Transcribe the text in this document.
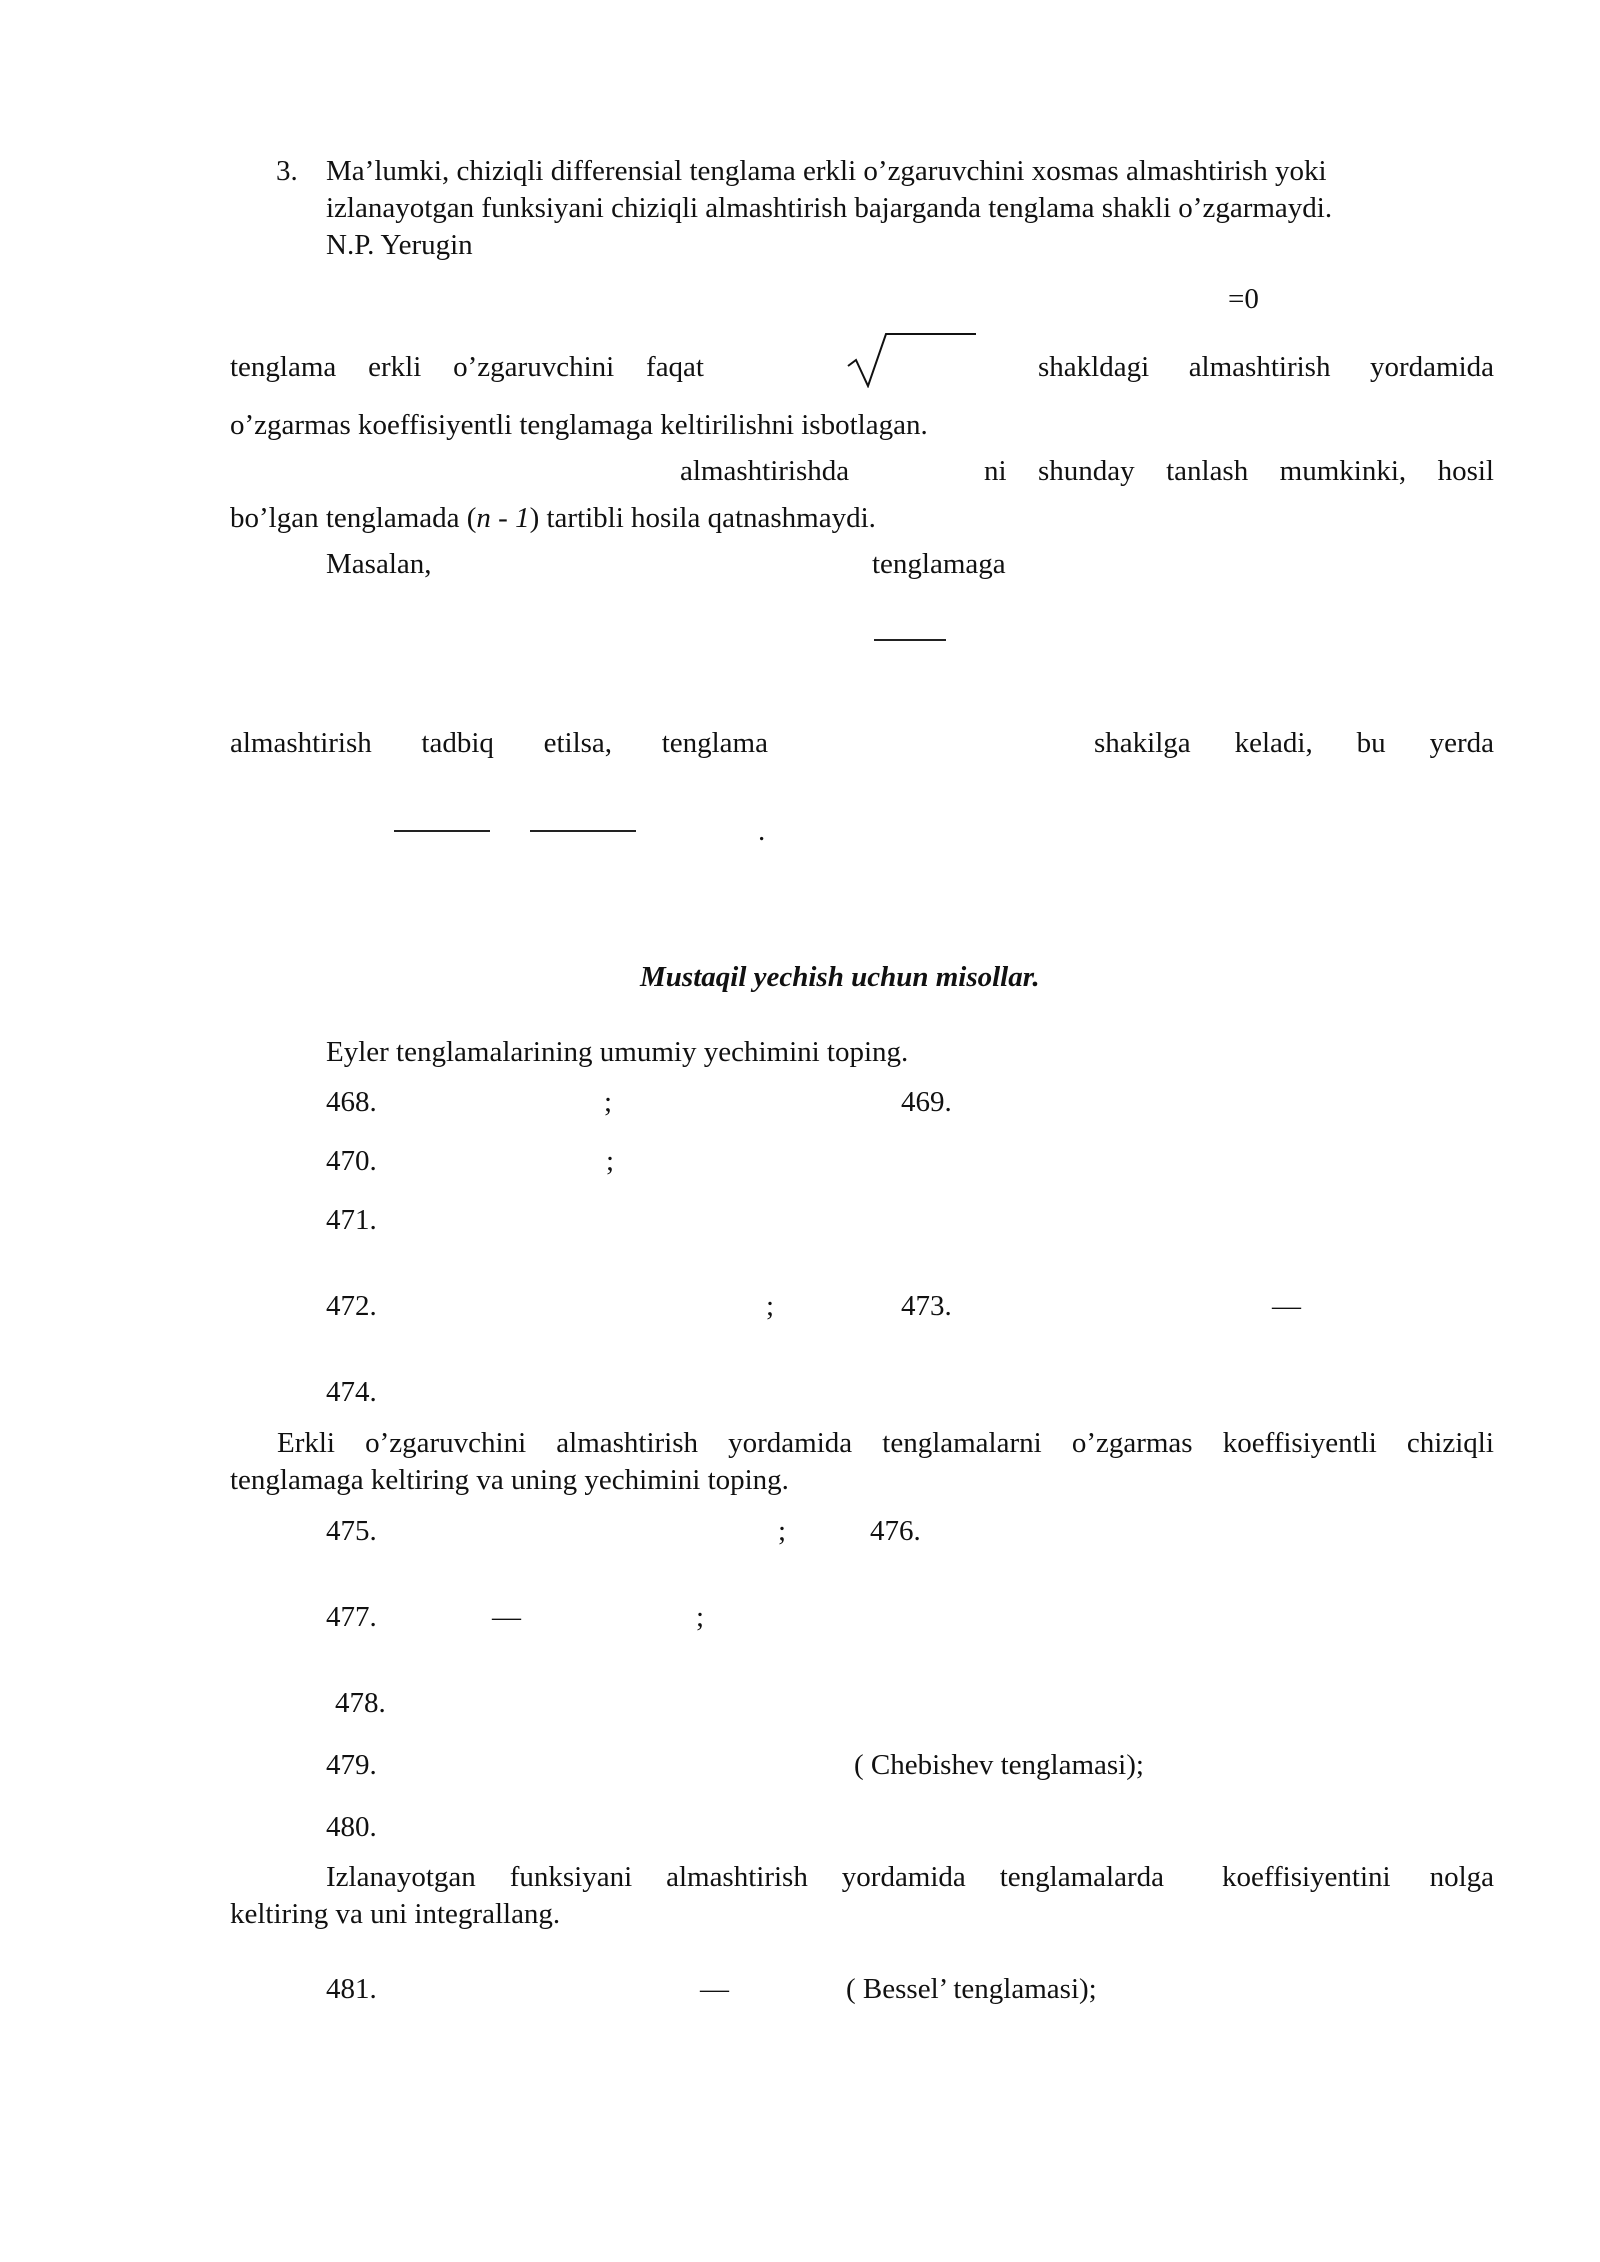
3. Ma’lumki, chiziqli differensial tenglama erkli o’zgaruvchini xosmas almashtirish yoki
izlanayotgan funksiyani chiziqli almashtirish bajarganda tenglama shakli o’zgarmaydi.
N.P. Yerugin
=0
tenglama erkli o’zgaruvchini faqat	shakldagi almashtirish yordamida
o’zgarmas koeffisiyentli tenglamaga keltirilishni isbotlagan.
almashtirishda	ni shunday tanlash mumkinki, hosil
bo’lgan tenglamada (n - 1) tartibli hosila qatnashmaydi.
Masalan,	tenglamaga
almashtirish tadbiq etilsa, tenglama	shakilga keladi, bu yerda
.
Mustaqil yechish uchun misollar.
Eyler tenglamalarining umumiy yechimini toping.
468.	;	469.
470.	;
471.
472.	;	473.	—
474.
Erkli o’zgaruvchini almashtirish yordamida tenglamalarni o’zgarmas koeffisiyentli chiziqli
tenglamaga keltiring va uning yechimini toping.
475.	;	476.
477.	—	;
478.
479.	( Chebishev tenglamasi);
480.
Izlanayotgan funksiyani almashtirish yordamida tenglamalarda koeffisiyentini nolga
keltiring va uni integrallang.
481.	—	( Bessel’ tenglamasi);
